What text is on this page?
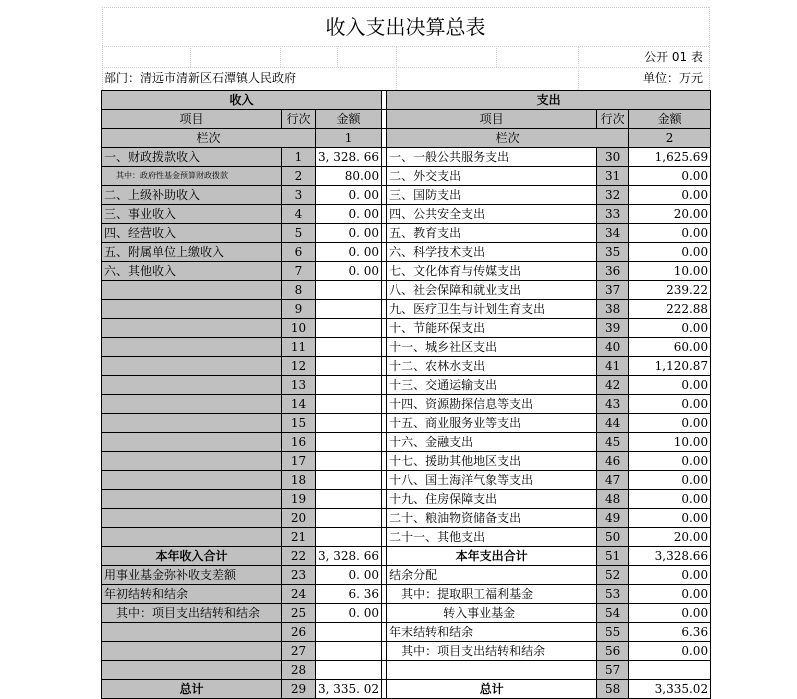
收入支出决算总表
公开 01 表
部门：清远市清新区石潭镇人民政府	单位：万元
收入				支出		
项目	行次	金额		项目	行次	金额
栏次		1		栏次		2
一、财政拨款收入	1	3, 328. 66		一、一般公共服务支出	30	1,625.69
其中：政府性基金预算财政拨款	2	80.00		二、外交支出	31	0.00
二、上级补助收入	3	0. 00		三、国防支出	32	0.00
三、事业收入	4	0. 00		四、公共安全支出	33	20.00
四、经营收入	5	0. 00		五、教育支出	34	0.00
五、附属单位上缴收入	6	0. 00		六、科学技术支出	35	0.00
六、其他收入	7	0. 00		七、文化体育与传媒支出	36	10.00
	8			八、社会保障和就业支出	37	239.22
	9			九、医疗卫生与计划生育支出	38	222.88
	10			十、节能环保支出	39	0.00
	11			十一、城乡社区支出	40	60.00
	12			十二、农林水支出	41	1,120.87
	13			十三、交通运输支出	42	0.00
	14			十四、资源勘探信息等支出	43	0.00
	15			十五、商业服务业等支出	44	0.00
	16			十六、金融支出	45	10.00
	17			十七、援助其他地区支出	46	0.00
	18			十八、国土海洋气象等支出	47	0.00
	19			十九、住房保障支出	48	0.00
	20			二十、粮油物资储备支出	49	0.00
	21			二十一、其他支出	50	20.00
本年收入合计	22	3, 328. 66		本年支出合计	51	3,328.66
用事业基金弥补收支差额	23	0. 00		结余分配	52	0.00
年初结转和结余	24	6. 36		其中：提取职工福利基金	53	0.00
其中：项目支出结转和结余	25	0. 00		转入事业基金	54	0.00
	26			年末结转和结余	55	6.36
	27			其中：项目支出结转和结余	56	0.00
	28				57	
总计	29	3, 335. 02		总计	58	3,335.02
